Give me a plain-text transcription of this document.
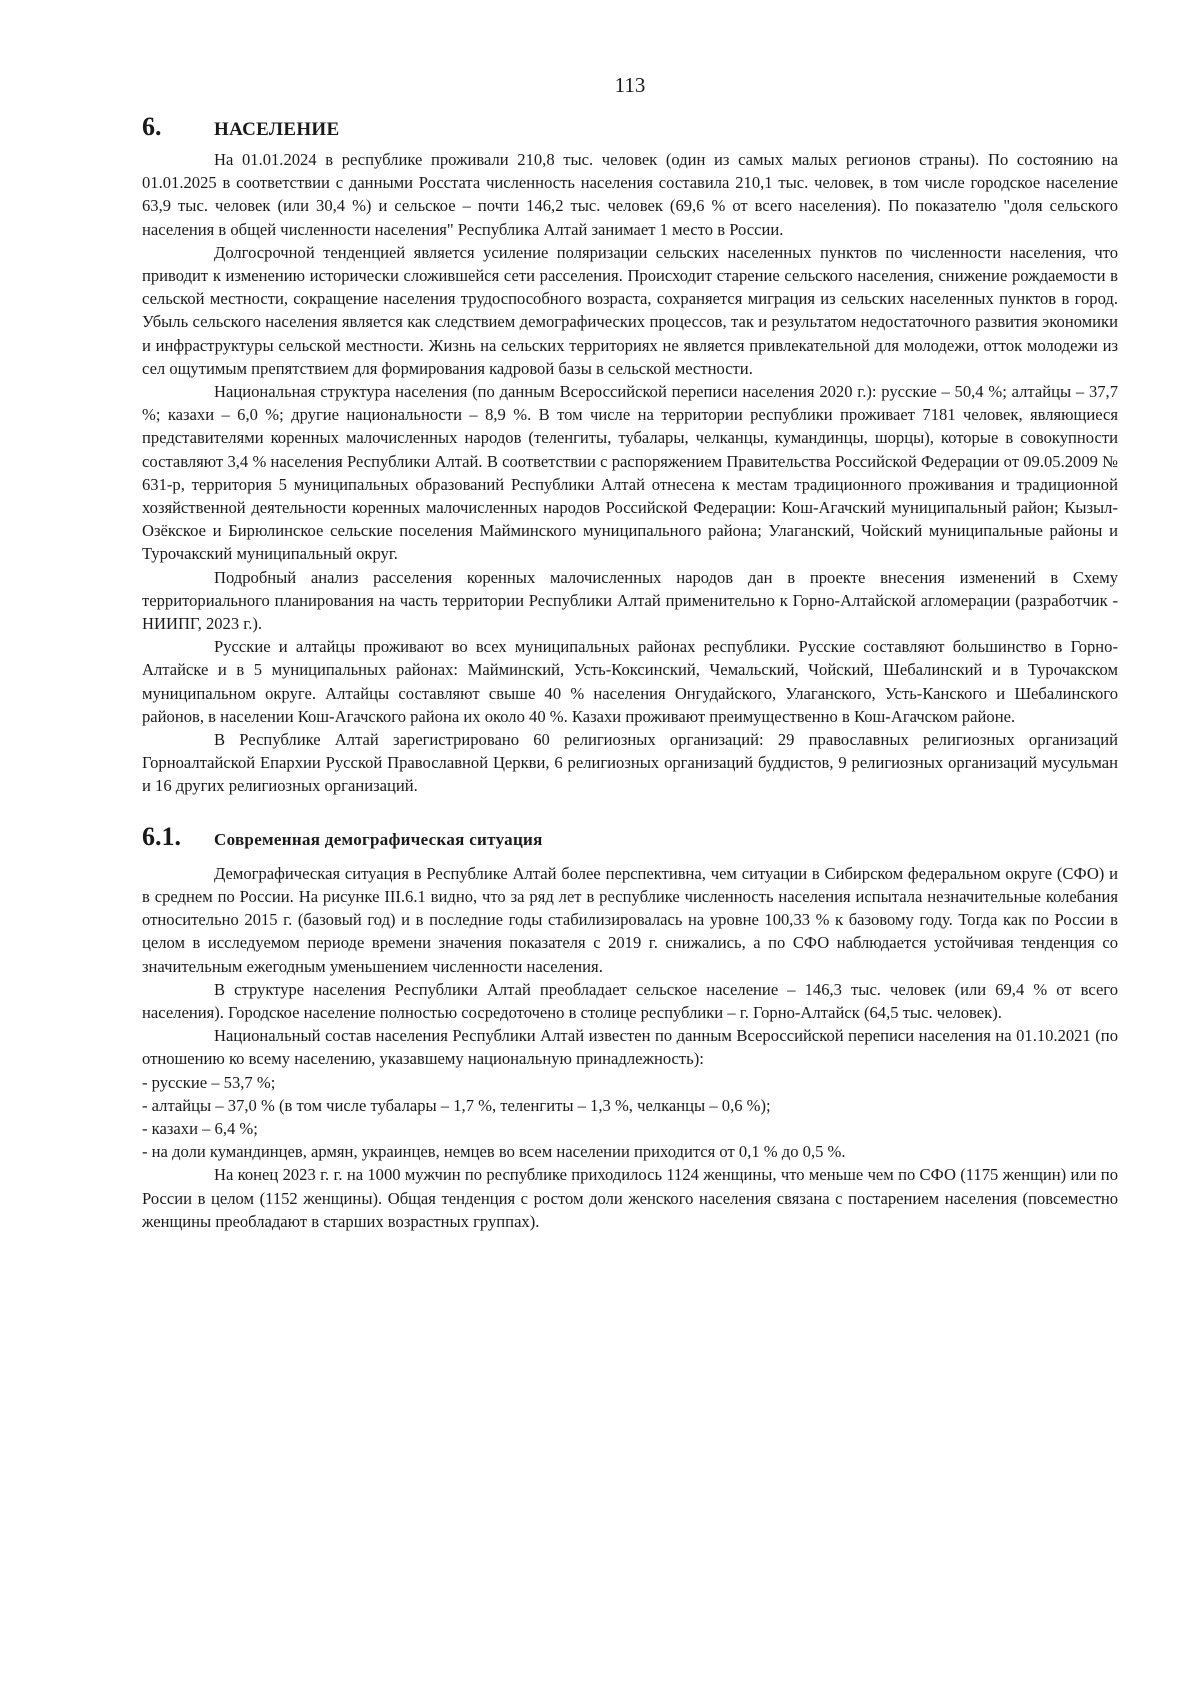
113
6.	НАСЕЛЕНИЕ

На 01.01.2024 в республике проживали 210,8 тыс. человек (один из самых малых регионов страны). По состоянию на 01.01.2025 в соответствии с данными Росстата численность населения составила 210,1 тыс. человек, в том числе городское население 63,9 тыс. человек (или 30,4 %) и сельское – почти 146,2 тыс. человек (69,6 % от всего населения). По показателю "доля сельского населения в общей численности населения" Республика Алтай занимает 1 место в России.

Долгосрочной тенденцией является усиление поляризации сельских населенных пунктов по численности населения, что приводит к изменению исторически сложившейся сети расселения. Происходит старение сельского населения, снижение рождаемости в сельской местности, сокращение населения трудоспособного возраста, сохраняется миграция из сельских населенных пунктов в город. Убыль сельского населения является как следствием демографических процессов, так и результатом недостаточного развития экономики и инфраструктуры сельской местности. Жизнь на сельских территориях не является привлекательной для молодежи, отток молодежи из сел ощутимым препятствием для формирования кадровой базы в сельской местности.

Национальная структура населения (по данным Всероссийской переписи населения 2020 г.): русские – 50,4 %; алтайцы – 37,7 %; казахи – 6,0 %; другие национальности – 8,9 %. В том числе на территории республики проживает 7181 человек, являющиеся представителями коренных малочисленных народов (теленгиты, тубалары, челканцы, кумандинцы, шорцы), которые в совокупности составляют 3,4 % населения Республики Алтай. В соответствии с распоряжением Правительства Российской Федерации от 09.05.2009 № 631-р, территория 5 муниципальных образований Республики Алтай отнесена к местам традиционного проживания и традиционной хозяйственной деятельности коренных малочисленных народов Российской Федерации: Кош-Агачский муниципальный район; Кызыл-Озёкское и Бирюлинское сельские поселения Майминского муниципального района; Улаганский, Чойский муниципальные районы и Турочакский муниципальный округ.

Подробный анализ расселения коренных малочисленных народов дан в проекте внесения изменений в Схему территориального планирования на часть территории Республики Алтай применительно к Горно-Алтайской агломерации (разработчик - НИИПГ, 2023 г.).

Русские и алтайцы проживают во всех муниципальных районах республики. Русские составляют большинство в Горно-Алтайске и в 5 муниципальных районах: Майминский, Усть-Коксинский, Чемальский, Чойский, Шебалинский и в Турочакском муниципальном округе. Алтайцы составляют свыше 40 % населения Онгудайского, Улаганского, Усть-Канского и Шебалинского районов, в населении Кош-Агачского района их около 40 %. Казахи проживают преимущественно в Кош-Агачском районе.

В Республике Алтай зарегистрировано 60 религиозных организаций: 29 православных религиозных организаций Горноалтайской Епархии Русской Православной Церкви, 6 религиозных организаций буддистов, 9 религиозных организаций мусульман и 16 других религиозных организаций.

6.1.	Современная демографическая ситуация

Демографическая ситуация в Республике Алтай более перспективна, чем ситуации в Сибирском федеральном округе (СФО) и в среднем по России. На рисунке III.6.1 видно, что за ряд лет в республике численность населения испытала незначительные колебания относительно 2015 г. (базовый год) и в последние годы стабилизировалась на уровне 100,33 % к базовому году. Тогда как по России в целом в исследуемом периоде времени значения показателя с 2019 г. снижались, а по СФО наблюдается устойчивая тенденция со значительным ежегодным уменьшением численности населения.

В структуре населения Республики Алтай преобладает сельское население – 146,3 тыс. человек (или 69,4 % от всего населения). Городское население полностью сосредоточено в столице республики – г. Горно-Алтайск (64,5 тыс. человек).

Национальный состав населения Республики Алтай известен по данным Всероссийской переписи населения на 01.10.2021 (по отношению ко всему населению, указавшему национальную принадлежность):

- русские – 53,7 %;
- алтайцы – 37,0 % (в том числе тубалары – 1,7 %, теленгиты – 1,3 %, челканцы – 0,6 %);
- казахи – 6,4 %;
- на доли кумандинцев, армян, украинцев, немцев во всем населении приходится от 0,1 % до 0,5 %.

На конец 2023 г. г. на 1000 мужчин по республике приходилось 1124 женщины, что меньше чем по СФО (1175 женщин) или по России в целом (1152 женщины). Общая тенденция с ростом доли женского населения связана с постарением населения (повсеместно женщины преобладают в старших возрастных группах).
